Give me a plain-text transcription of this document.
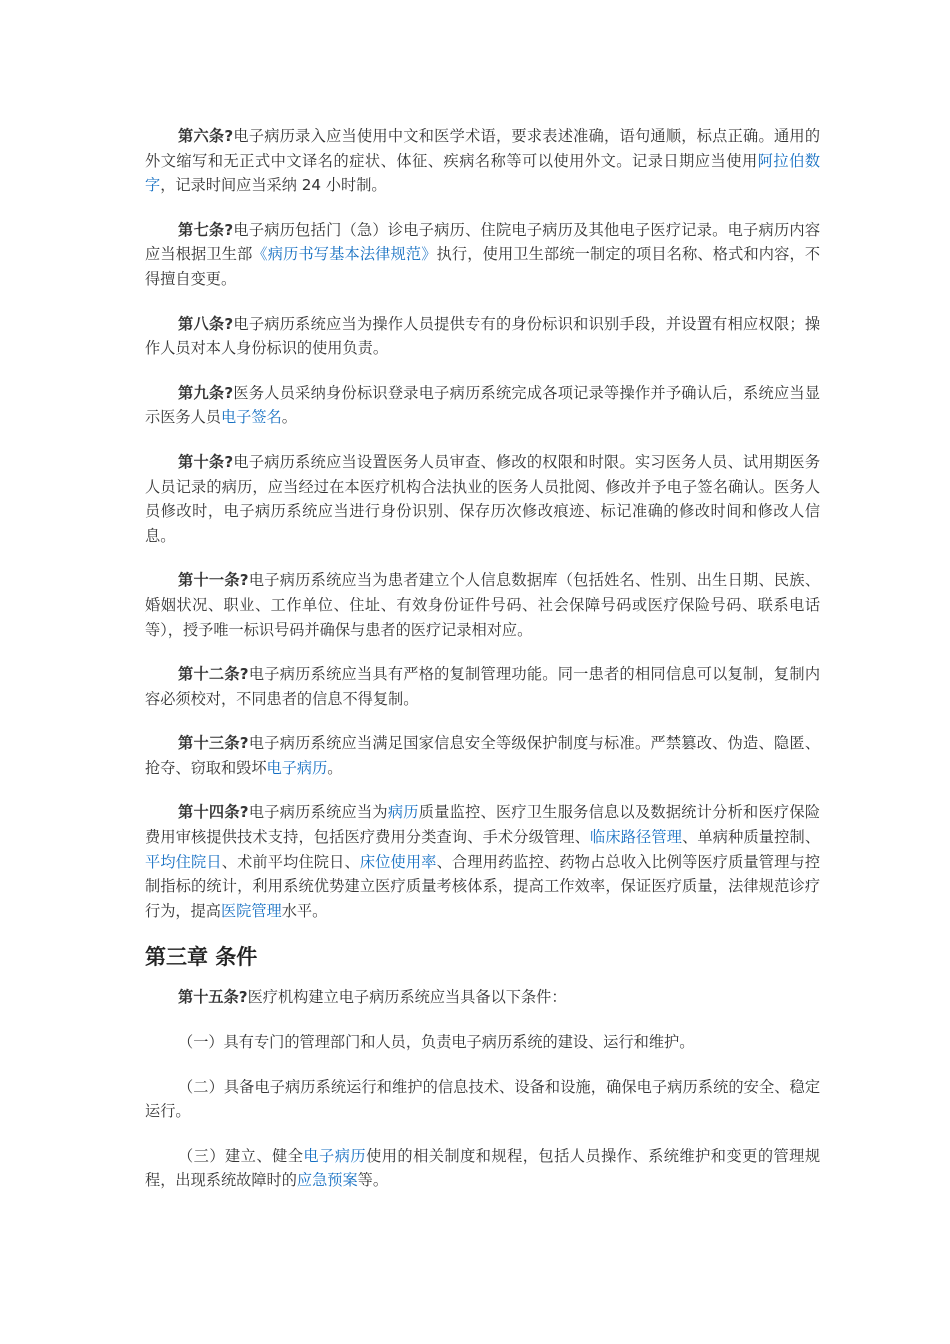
第六条?电子病历录入应当使用中文和医学术语，要求表述准确，语句通顺，标点正确。通用的外文缩写和无正式中文译名的症状、体征、疾病名称等可以使用外文。记录日期应当使用阿拉伯数字，记录时间应当采纳 24 小时制。

第七条?电子病历包括门（急）诊电子病历、住院电子病历及其他电子医疗记录。电子病历内容应当根据卫生部《病历书写基本法律规范》执行，使用卫生部统一制定的项目名称、格式和内容，不得擅自变更。

第八条?电子病历系统应当为操作人员提供专有的身份标识和识别手段，并设置有相应权限；操作人员对本人身份标识的使用负责。

第九条?医务人员采纳身份标识登录电子病历系统完成各项记录等操作并予确认后，系统应当显示医务人员电子签名。

第十条?电子病历系统应当设置医务人员审查、修改的权限和时限。实习医务人员、试用期医务人员记录的病历，应当经过在本医疗机构合法执业的医务人员批阅、修改并予电子签名确认。医务人员修改时，电子病历系统应当进行身份识别、保存历次修改痕迹、标记准确的修改时间和修改人信息。

第十一条?电子病历系统应当为患者建立个人信息数据库（包括姓名、性别、出生日期、民族、婚姻状况、职业、工作单位、住址、有效身份证件号码、社会保障号码或医疗保险号码、联系电话等），授予唯一标识号码并确保与患者的医疗记录相对应。

第十二条?电子病历系统应当具有严格的复制管理功能。同一患者的相同信息可以复制，复制内容必须校对，不同患者的信息不得复制。

第十三条?电子病历系统应当满足国家信息安全等级保护制度与标准。严禁篡改、伪造、隐匿、抢夺、窃取和毁坏电子病历。

第十四条?电子病历系统应当为病历质量监控、医疗卫生服务信息以及数据统计分析和医疗保险费用审核提供技术支持，包括医疗费用分类查询、手术分级管理、临床路径管理、单病种质量控制、平均住院日、术前平均住院日、床位使用率、合理用药监控、药物占总收入比例等医疗质量管理与控制指标的统计，利用系统优势建立医疗质量考核体系，提高工作效率，保证医疗质量，法律规范诊疗行为，提高医院管理水平。

第三章 条件

第十五条?医疗机构建立电子病历系统应当具备以下条件：

（一）具有专门的管理部门和人员，负责电子病历系统的建设、运行和维护。

（二）具备电子病历系统运行和维护的信息技术、设备和设施，确保电子病历系统的安全、稳定运行。

（三）建立、健全电子病历使用的相关制度和规程，包括人员操作、系统维护和变更的管理规程，出现系统故障时的应急预案等。
